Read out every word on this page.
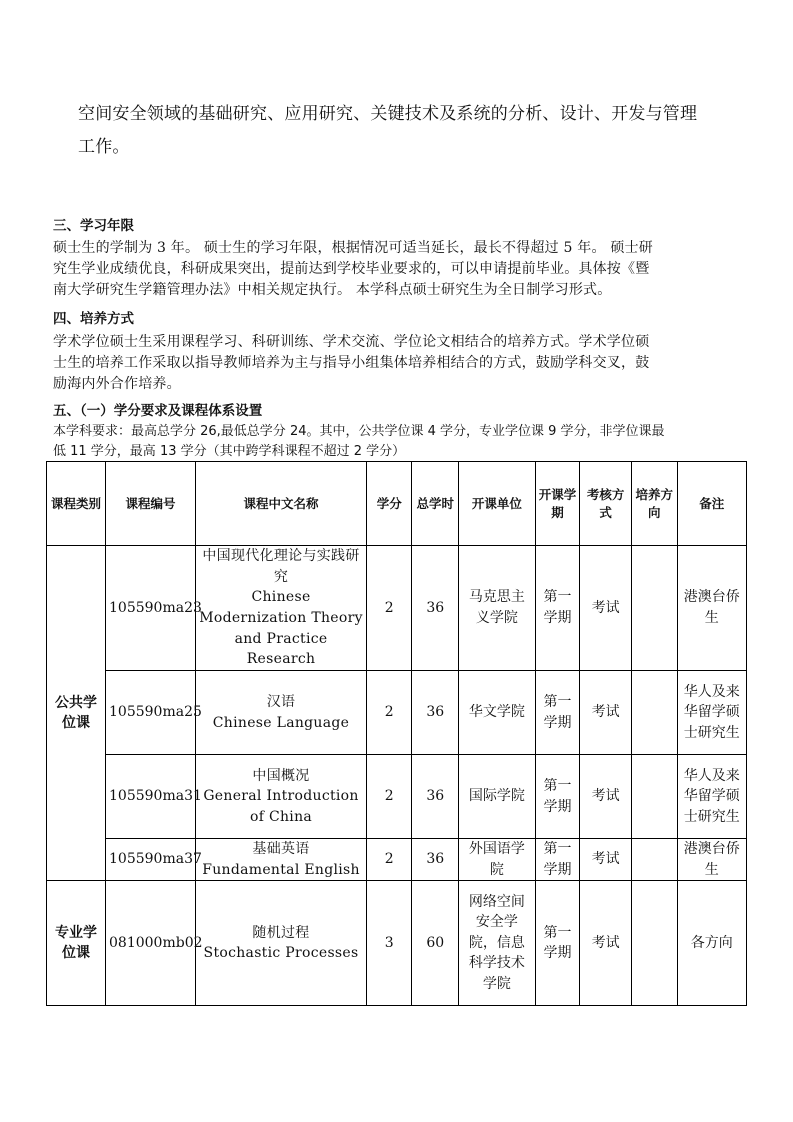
空间安全领域的基础研究、应用研究、关键技术及系统的分析、设计、开发与管理
工作。
三、学习年限
硕士生的学制为 3 年。 硕士生的学习年限，根据情况可适当延长，最长不得超过 5 年。 硕士研
究生学业成绩优良，科研成果突出，提前达到学校毕业要求的，可以申请提前毕业。具体按《暨
南大学研究生学籍管理办法》中相关规定执行。 本学科点硕士研究生为全日制学习形式。
四、培养方式
学术学位硕士生采用课程学习、科研训练、学术交流、学位论文相结合的培养方式。学术学位硕
士生的培养工作采取以指导教师培养为主与指导小组集体培养相结合的方式，鼓励学科交叉，鼓
励海内外合作培养。
五、（一）学分要求及课程体系设置
本学科要求：最高总学分 26,最低总学分 24。其中，公共学位课 4 学分，专业学位课 9 学分，非学位课最
低 11 学分，最高 13 学分（其中跨学科课程不超过 2 学分）
课程类别	课程编号	课程中文名称	学分	总学时	开课单位	开课学期	考核方式	培养方向	备注
公共学位课	105590ma23	中国现代化理论与实践研究
Chinese Modernization Theory and Practice Research	2	36	马克思主义学院	第一学期	考试		港澳台侨生
	105590ma25	汉语
Chinese Language	2	36	华文学院	第一学期	考试		华人及来华留学硕士研究生
	105590ma31	中国概况
General Introduction of China	2	36	国际学院	第一学期	考试		华人及来华留学硕士研究生
	105590ma37	基础英语
Fundamental English	2	36	外国语学院	第一学期	考试		港澳台侨生
专业学位课	081000mb02	随机过程
Stochastic Processes	3	60	网络空间安全学院，信息科学技术学院	第一学期	考试		各方向
